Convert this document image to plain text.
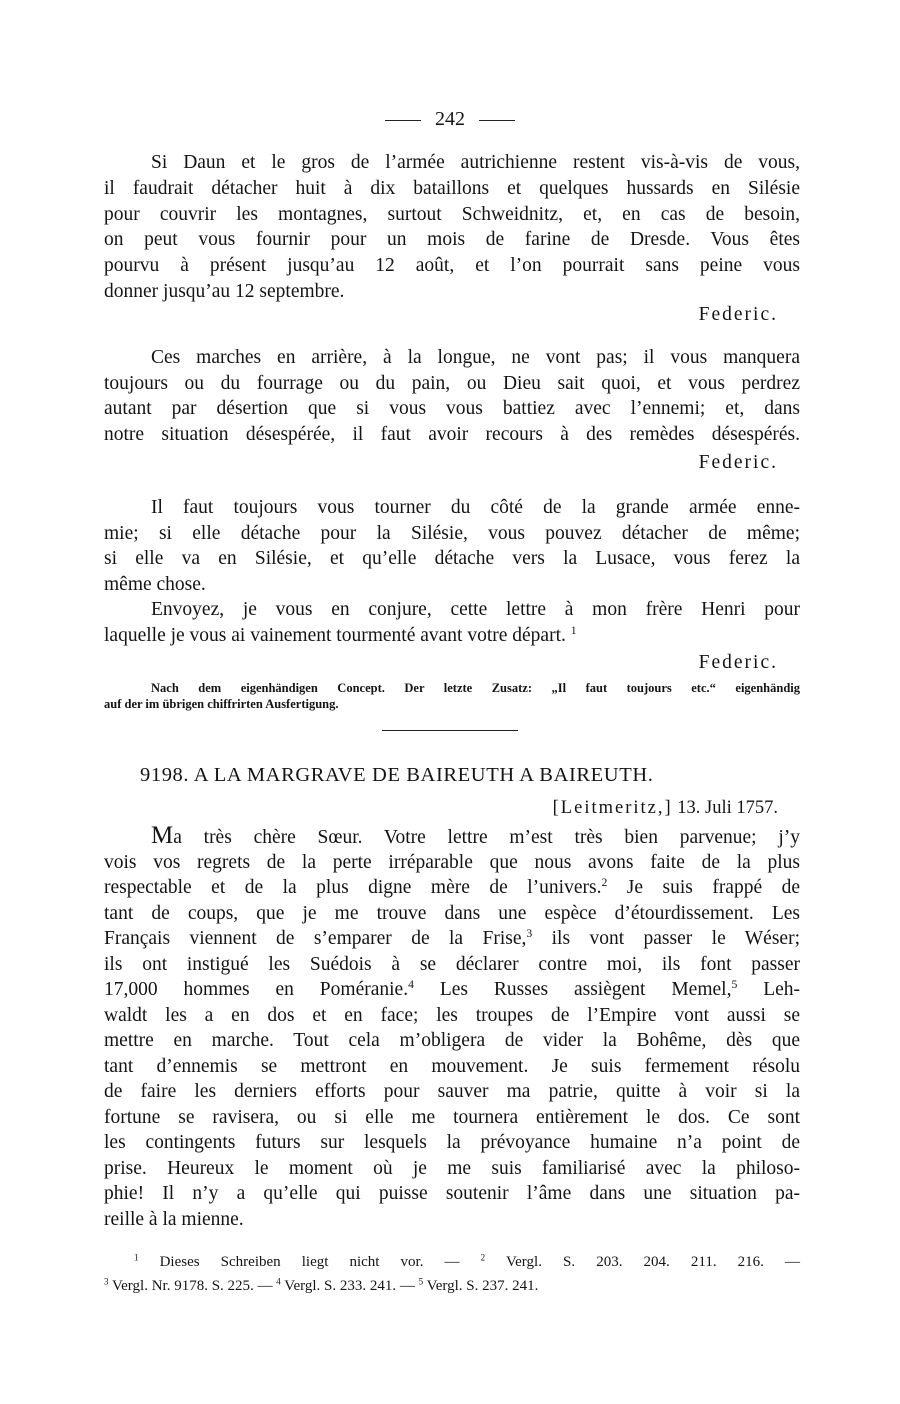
242
Si Daun et le gros de l’armée autrichienne restent vis-à-vis de vous,
il faudrait détacher huit à dix bataillons et quelques hussards en Silésie
pour couvrir les montagnes, surtout Schweidnitz, et, en cas de besoin,
on peut vous fournir pour un mois de farine de Dresde. Vous êtes
pourvu à présent jusqu’au 12 août, et l’on pourrait sans peine vous
donner jusqu’au 12 septembre.
Federic.
Ces marches en arrière, à la longue, ne vont pas; il vous manquera
toujours ou du fourrage ou du pain, ou Dieu sait quoi, et vous perdrez
autant par désertion que si vous vous battiez avec l’ennemi; et, dans
notre situation désespérée, il faut avoir recours à des remèdes désespérés.
Federic.
Il faut toujours vous tourner du côté de la grande armée enne-
mie; si elle détache pour la Silésie, vous pouvez détacher de même;
si elle va en Silésie, et qu’elle détache vers la Lusace, vous ferez la
même chose.
Envoyez, je vous en conjure, cette lettre à mon frère Henri pour
laquelle je vous ai vainement tourmenté avant votre départ. $^1$
Federic.
Nach dem eigenhändigen Concept. Der letzte Zusatz: „Il faut toujours etc.“ eigenhändig
auf der im übrigen chiffrirten Ausfertigung.
9198. A LA MARGRAVE DE BAIREUTH A BAIREUTH.
[Leitmeritz,] 13. Juli 1757.
Ma très chère Sœur. Votre lettre m’est très bien parvenue; j’y
vois vos regrets de la perte irréparable que nous avons faite de la plus
respectable et de la plus digne mère de l’univers.$^2$ Je suis frappé de
tant de coups, que je me trouve dans une espèce d’étourdissement. Les
Français viennent de s’emparer de la Frise,$^3$ ils vont passer le Wéser;
ils ont instigué les Suédois à se déclarer contre moi, ils font passer
17,000 hommes en Poméranie.$^4$ Les Russes assiègent Memel,$^5$ Leh-
waldt les a en dos et en face; les troupes de l’Empire vont aussi se
mettre en marche. Tout cela m’obligera de vider la Bohême, dès que
tant d’ennemis se mettront en mouvement. Je suis fermement résolu
de faire les derniers efforts pour sauver ma patrie, quitte à voir si la
fortune se ravisera, ou si elle me tournera entièrement le dos. Ce sont
les contingents futurs sur lesquels la prévoyance humaine n’a point de
prise. Heureux le moment où je me suis familiarisé avec la philoso-
phie! Il n’y a qu’elle qui puisse soutenir l’âme dans une situation pa-
reille à la mienne.
$^1$ Dieses Schreiben liegt nicht vor. — $^2$ Vergl. S. 203. 204. 211. 216. —
$^3$ Vergl. Nr. 9178. S. 225. — $^4$ Vergl. S. 233. 241. — $^5$ Vergl. S. 237. 241.
